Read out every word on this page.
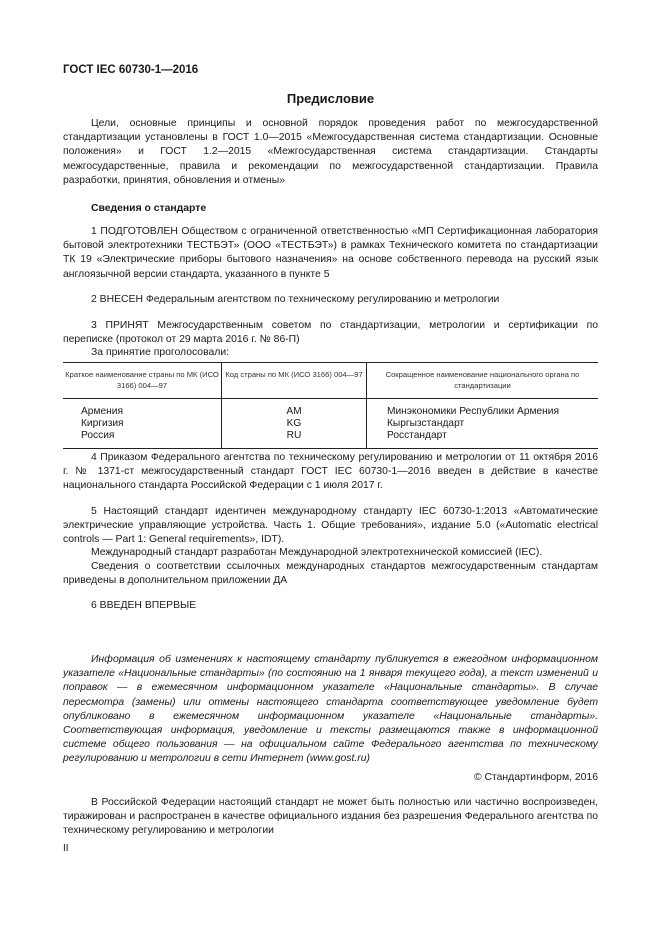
ГОСТ IEC 60730-1—2016
Предисловие
Цели, основные принципы и основной порядок проведения работ по межгосударственной стандартизации установлены в ГОСТ 1.0—2015 «Межгосударственная система стандартизации. Основные положения» и ГОСТ 1.2—2015 «Межгосударственная система стандартизации. Стандарты межгосударственные, правила и рекомендации по межгосударственной стандартизации. Правила разработки, принятия, обновления и отмены»
Сведения о стандарте
1 ПОДГОТОВЛЕН Обществом с ограниченной ответственностью «МП Сертификационная лаборатория бытовой электротехники ТЕСТБЭТ» (ООО «ТЕСТБЭТ») в рамках Технического комитета по стандартизации ТК 19 «Электрические приборы бытового назначения» на основе собственного перевода на русский язык англоязычной версии стандарта, указанного в пункте 5
2 ВНЕСЕН Федеральным агентством по техническому регулированию и метрологии
3 ПРИНЯТ Межгосударственным советом по стандартизации, метрологии и сертификации по переписке (протокол от 29 марта 2016 г. № 86-П)
За принятие проголосовали:
Краткое наименование страны по МК (ИСО 3166) 004—97	Код страны по МК (ИСО 3166) 004—97	Сокращенное наименование национального органа по стандартизации
Армения	AM	Минэкономики Республики Армения
Киргизия	KG	Кыргызстандарт
Россия	RU	Росстандарт
4 Приказом Федерального агентства по техническому регулированию и метрологии от 11 октября 2016 г. № 1371-ст межгосударственный стандарт ГОСТ IEC 60730-1—2016 введен в действие в качестве национального стандарта Российской Федерации с 1 июля 2017 г.
5 Настоящий стандарт идентичен международному стандарту IEC 60730-1:2013 «Автоматические электрические управляющие устройства. Часть 1. Общие требования», издание 5.0 («Automatic electrical controls — Part 1: General requirements», IDT).
Международный стандарт разработан Международной электротехнической комиссией (IEC).
Сведения о соответствии ссылочных международных стандартов межгосударственным стандартам приведены в дополнительном приложении ДА
6 ВВЕДЕН ВПЕРВЫЕ
Информация об изменениях к настоящему стандарту публикуется в ежегодном информационном указателе «Национальные стандарты» (по состоянию на 1 января текущего года), а текст изменений и поправок — в ежемесячном информационном указателе «Национальные стандарты». В случае пересмотра (замены) или отмены настоящего стандарта соответствующее уведомление будет опубликовано в ежемесячном информационном указателе «Национальные стандарты». Соответствующая информация, уведомление и тексты размещаются также в информационной системе общего пользования — на официальном сайте Федерального агентства по техническому регулированию и метрологии в сети Интернет (www.gost.ru)
© Стандартинформ, 2016
В Российской Федерации настоящий стандарт не может быть полностью или частично воспроизведен, тиражирован и распространен в качестве официального издания без разрешения Федерального агентства по техническому регулированию и метрологии
II
